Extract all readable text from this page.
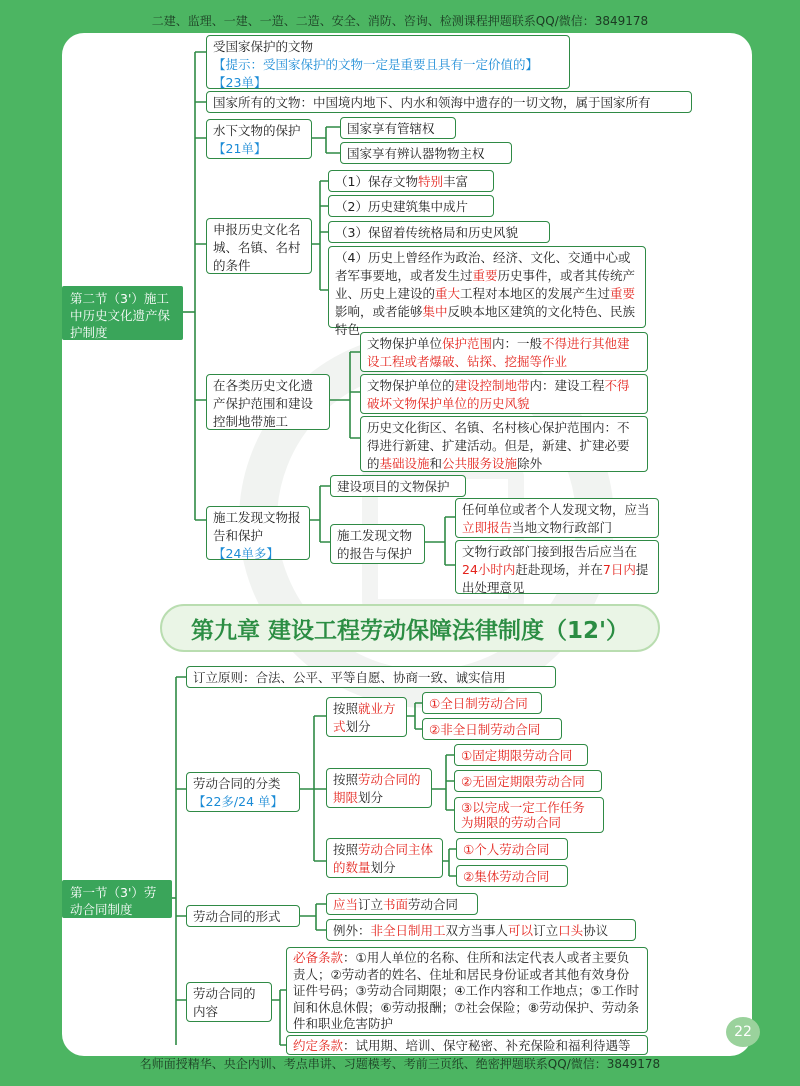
二建、监理、一建、一造、二造、安全、消防、咨询、检测课程押题联系QQ/微信：3849178
第二节（3'）施工中历史文化遗产保护制度
受国家保护的文物
【提示：受国家保护的文物一定是重要且具有一定价值的】
【23单】
国家所有的文物：中国境内地下、内水和领海中遗存的一切文物，属于国家所有
水下文物的保护
【21单】
国家享有管辖权
国家享有辨认器物物主权
申报历史文化名城、名镇、名村的条件
（1）保存文物特别丰富
（2）历史建筑集中成片
（3）保留着传统格局和历史风貌
（4）历史上曾经作为政治、经济、文化、交通中心或者军事要地，或者发生过重要历史事件，或者其传统产业、历史上建设的重大工程对本地区的发展产生过重要影响，或者能够集中反映本地区建筑的文化特色、民族特色
在各类历史文化遗产保护范围和建设控制地带施工
文物保护单位保护范围内：一般不得进行其他建设工程或者爆破、钻探、挖掘等作业
文物保护单位的建设控制地带内：建设工程不得破坏文物保护单位的历史风貌
历史文化街区、名镇、名村核心保护范围内：不得进行新建、扩建活动。但是，新建、扩建必要的基础设施和公共服务设施除外
施工发现文物报告和保护
【24单多】
建设项目的文物保护
施工发现文物的报告与保护
任何单位或者个人发现文物，应当立即报告当地文物行政部门
文物行政部门接到报告后应当在24小时内赶赴现场，并在7日内提出处理意见
第九章 建设工程劳动保障法律制度（12'）
第一节（3'）劳动合同制度
订立原则：合法、公平、平等自愿、协商一致、诚实信用
劳动合同的分类
【22多/24 单】
按照就业方式划分
①全日制劳动合同
②非全日制劳动合同
按照劳动合同的期限划分
①固定期限劳动合同
②无固定期限劳动合同
③以完成一定工作任务为期限的劳动合同
按照劳动合同主体的数量划分
①个人劳动合同
②集体劳动合同
劳动合同的形式
应当订立书面劳动合同
例外：非全日制用工双方当事人可以订立口头协议
劳动合同的内容
必备条款：①用人单位的名称、住所和法定代表人或者主要负责人；②劳动者的姓名、住址和居民身份证或者其他有效身份证件号码；③劳动合同期限；④工作内容和工作地点；⑤工作时间和休息休假；⑥劳动报酬；⑦社会保险；⑧劳动保护、劳动条件和职业危害防护
约定条款：试用期、培训、保守秘密、补充保险和福利待遇等
22
名师面授精华、央企内训、考点串讲、习题模考、考前三页纸、绝密押题联系QQ/微信：3849178
